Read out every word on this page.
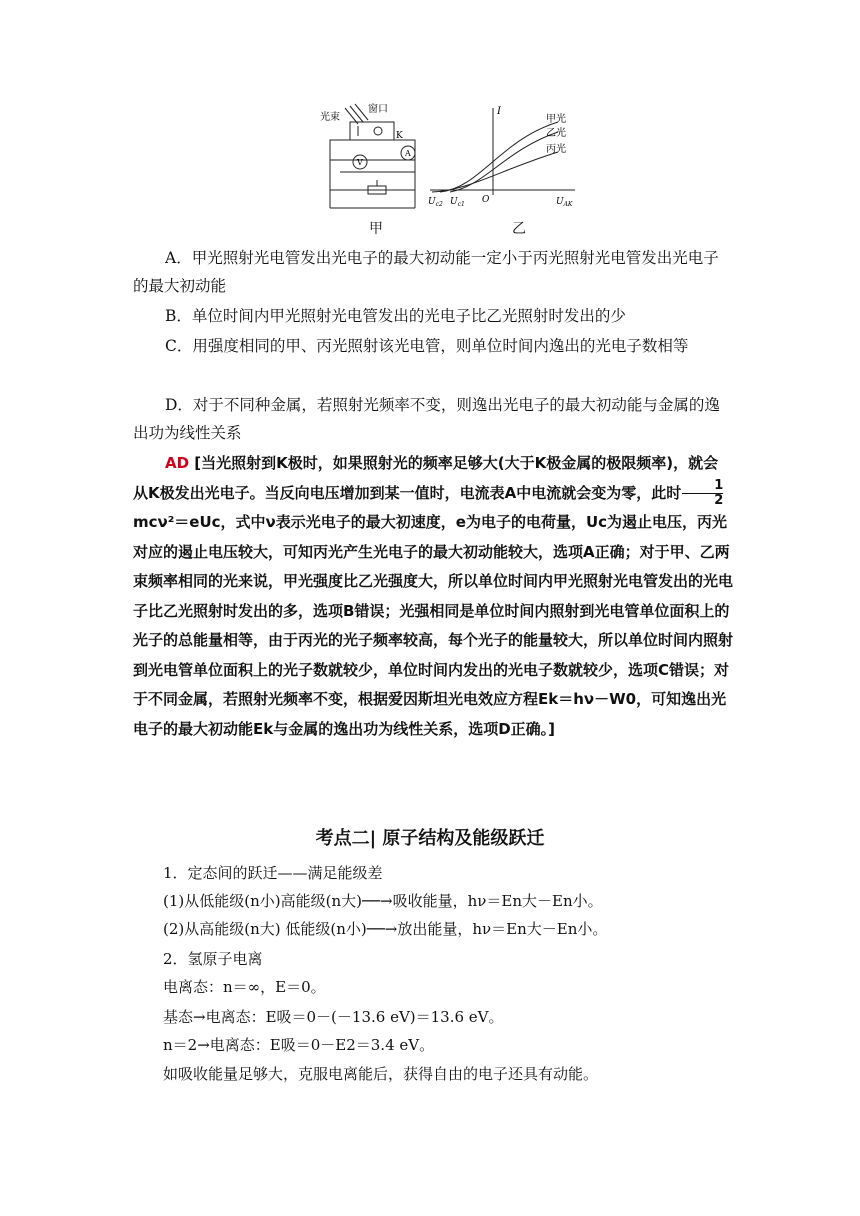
光束
窗口
K
V
A
I
甲光
乙光
丙光
$U_{c2}$ $U_{c1}$ O	$U_{AK}$
甲	乙
A．甲光照射光电管发出光电子的最大初动能一定小于丙光照射光电管发出光电子的最大初动能
B．单位时间内甲光照射光电管发出的光电子比乙光照射时发出的少
C．用强度相同的甲、丙光照射该光电管，则单位时间内逸出的光电子数相等
D．对于不同种金属，若照射光频率不变，则逸出光电子的最大初动能与金属的逸出功为线性关系
AD [当光照射到K极时，如果照射光的频率足够大(大于K极金属的极限频率)，就会从K极发出光电子。当反向电压增加到某一值时，电流表A中电流就会变为零，此时 $\frac{1}{2}$
mcν²＝eUc，式中ν表示光电子的最大初速度，e为电子的电荷量，Uc为遏止电压，丙光对应的遏止电压较大，可知丙光产生光电子的最大初动能较大，选项A正确；对于甲、乙两束频率相同的光来说，甲光强度比乙光强度大，所以单位时间内甲光照射光电管发出的光电子比乙光照射时发出的多，选项B错误；光强相同是单位时间内照射到光电管单位面积上的光子的总能量相等，由于丙光的光子频率较高，每个光子的能量较大，所以单位时间内照射到光电管单位面积上的光子数就较少，单位时间内发出的光电子数就较少，选项C错误；对于不同金属，若照射光频率不变，根据爱因斯坦光电效应方程Ek＝hν－W0，可知逸出光电子的最大初动能Ek与金属的逸出功为线性关系，选项D正确。]
考点二| 原子结构及能级跃迁
1．定态间的跃迁——满足能级差
(1)从低能级(n小)高能级(n大)──→吸收能量，hν＝En大－En小。
(2)从高能级(n大) 低能级(n小)──→放出能量，hν＝En大－En小。
2．氢原子电离
电离态：n＝∞，E＝0。
基态→电离态：E吸＝0－(－13.6 eV)＝13.6 eV。
n＝2→电离态：E吸＝0－E2＝3.4 eV。
如吸收能量足够大，克服电离能后，获得自由的电子还具有动能。
